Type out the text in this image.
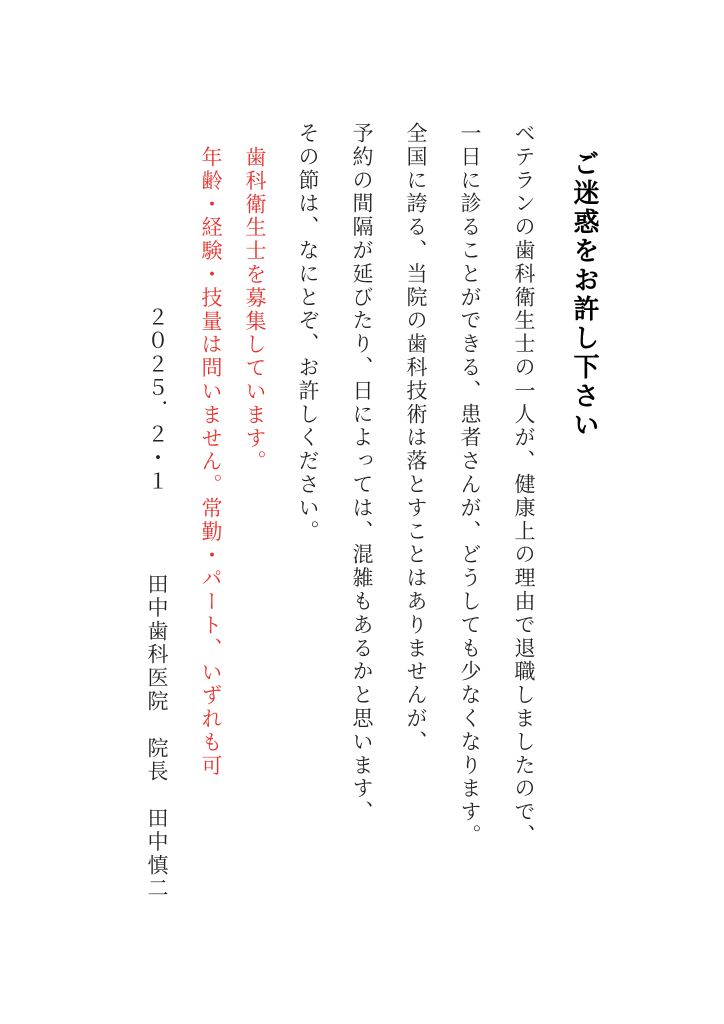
ご迷惑をお許し下さい
ベテランの歯科衛生士の一人が、健康上の理由で退職しましたので、
一日に診ることができる、患者さんが、どうしても少なくなります。
全国に誇る、当院の歯科技術は落とすことはありませんが、
予約の間隔が延びたり、日によっては、混雑もあるかと思います、
その節は、なにとぞ、お許しください。
歯科衛生士を募集しています。
年齢・経験・技量は問いません。常勤・パート、いずれも可
２０２５．２・１
田中歯科医院　院長　田中慎二
